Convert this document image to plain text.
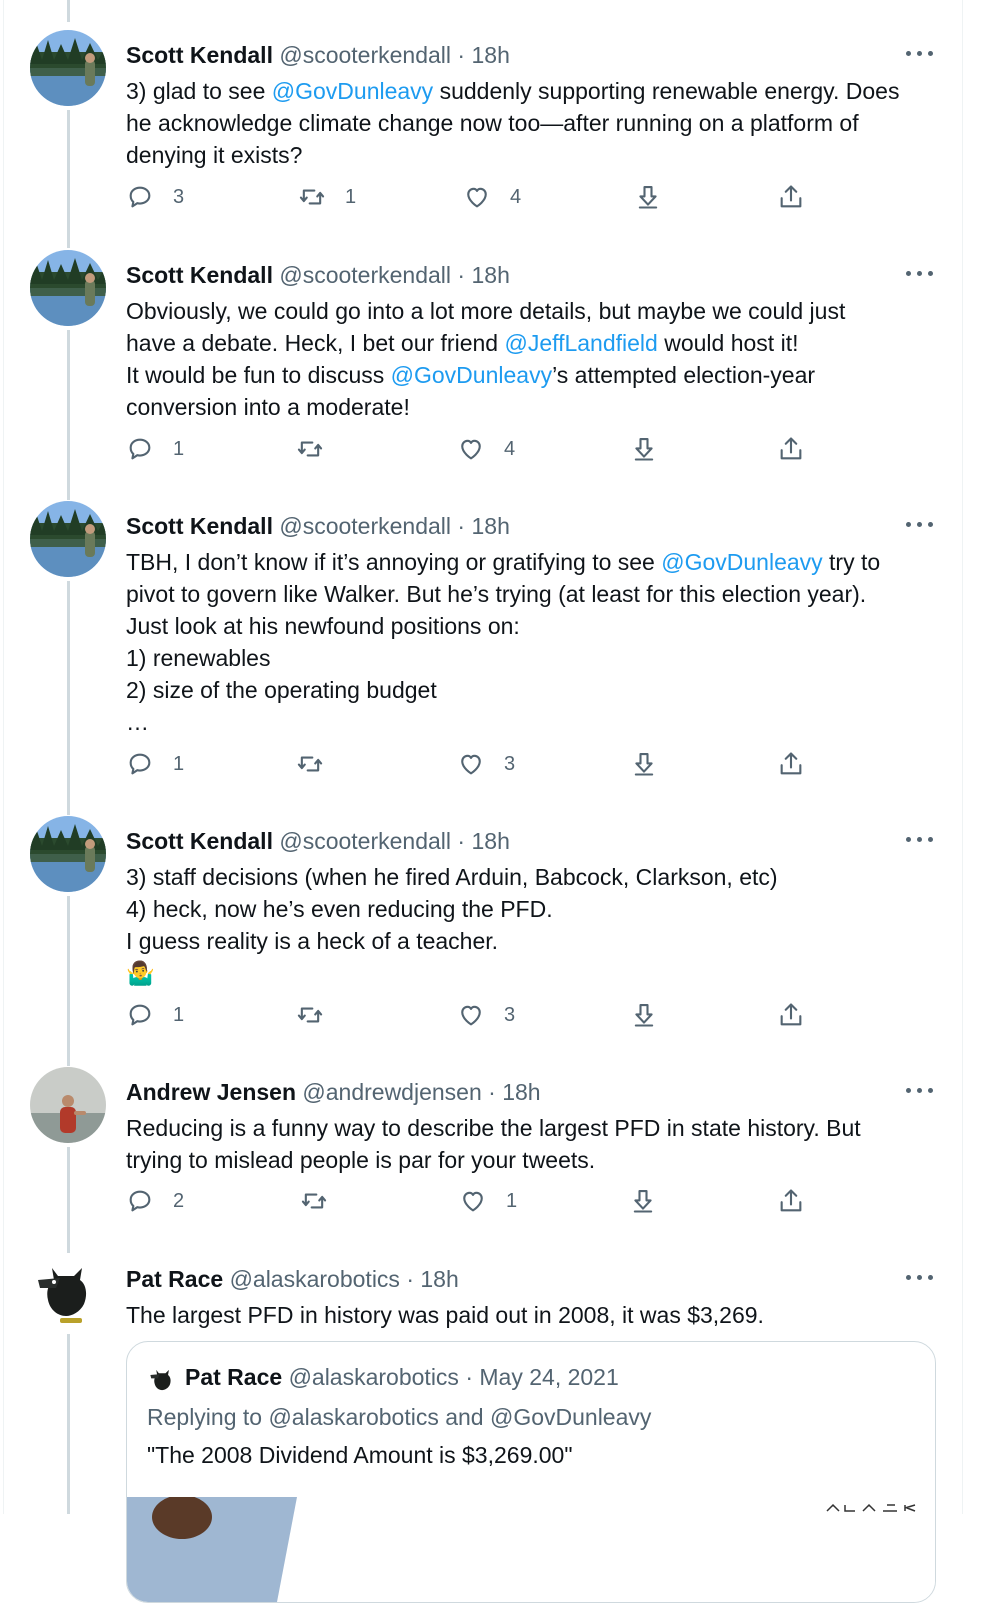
Scott Kendall @scooterkendall · 18h
3) glad to see @GovDunleavy suddenly supporting renewable energy. Does
he acknowledge climate change now too—after running on a platform of
denying it exists?
3	1	4
Scott Kendall @scooterkendall · 18h
Obviously, we could go into a lot more details, but maybe we could just
have a debate. Heck, I bet our friend @JeffLandfield would host it!
It would be fun to discuss @GovDunleavy’s attempted election-year
conversion into a moderate!
1	4
Scott Kendall @scooterkendall · 18h
TBH, I don’t know if it’s annoying or gratifying to see @GovDunleavy try to
pivot to govern like Walker. But he’s trying (at least for this election year).
Just look at his newfound positions on:
1) renewables
2) size of the operating budget
…
1	3
Scott Kendall @scooterkendall · 18h
3) staff decisions (when he fired Arduin, Babcock, Clarkson, etc)
4) heck, now he’s even reducing the PFD.
I guess reality is a heck of a teacher.
🤷‍♂️
1	3
Andrew Jensen @andrewdjensen · 18h
Reducing is a funny way to describe the largest PFD in state history. But
trying to mislead people is par for your tweets.
2	1
Pat Race @alaskarobotics · 18h
The largest PFD in history was paid out in 2008, it was $3,269.
Pat Race @alaskarobotics · May 24, 2021
Replying to @alaskarobotics and @GovDunleavy
"The 2008 Dividend Amount is $3,269.00"
